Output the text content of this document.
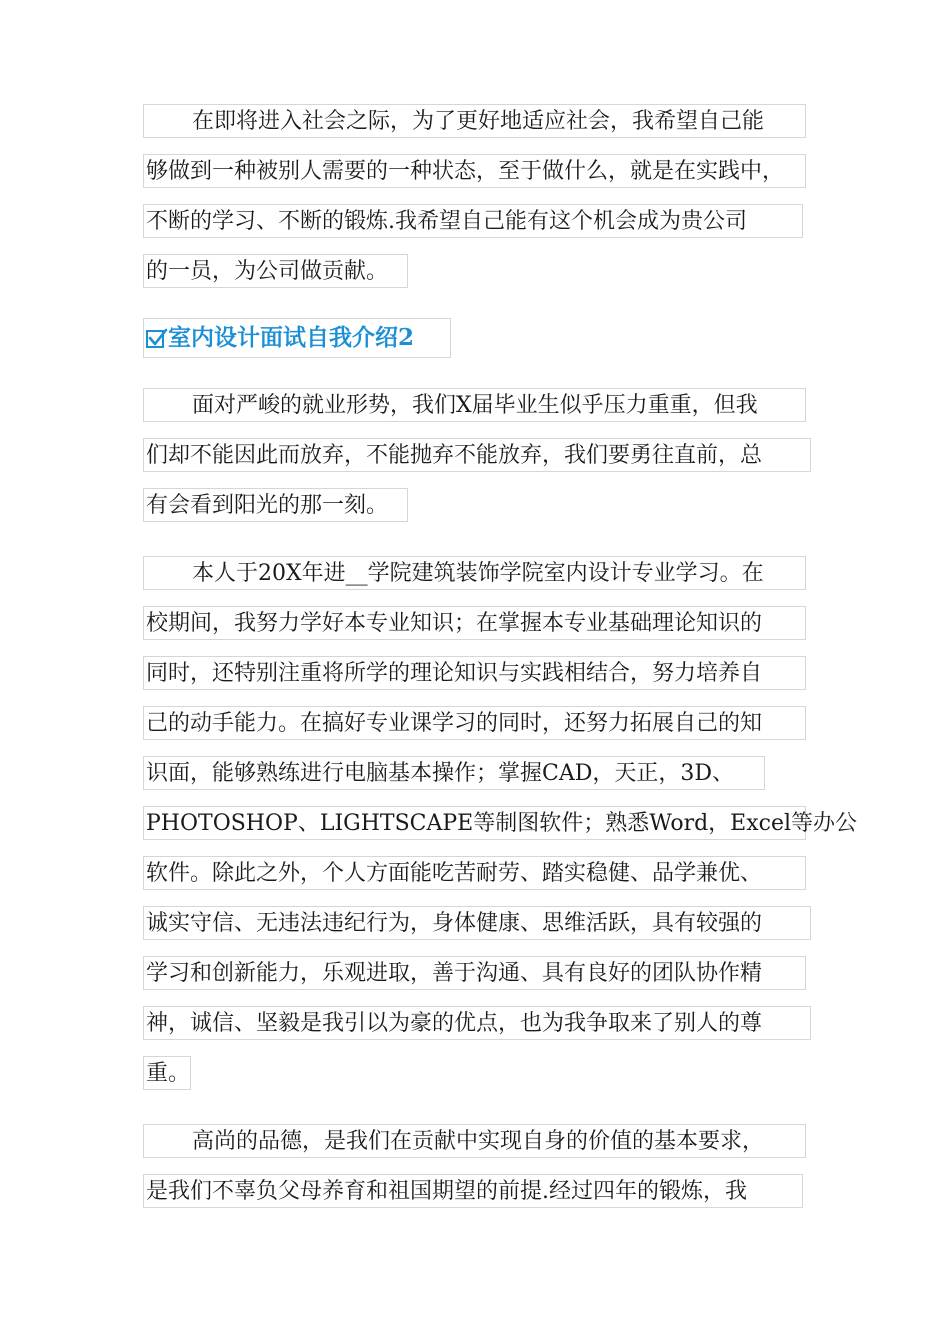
在即将进入社会之际，为了更好地适应社会，我希望自己能
够做到一种被别人需要的一种状态，至于做什么，就是在实践中，
不断的学习、不断的锻炼.我希望自己能有这个机会成为贵公司
的一员，为公司做贡献。
室内设计面试自我介绍2
面对严峻的就业形势，我们X届毕业生似乎压力重重，但我
们却不能因此而放弃，不能抛弃不能放弃，我们要勇往直前，总
有会看到阳光的那一刻。
本人于20X年进__学院建筑装饰学院室内设计专业学习。在
校期间，我努力学好本专业知识；在掌握本专业基础理论知识的
同时，还特别注重将所学的理论知识与实践相结合，努力培养自
己的动手能力。在搞好专业课学习的同时，还努力拓展自己的知
识面，能够熟练进行电脑基本操作；掌握CAD，天正，3D、
PHOTOSHOP、LIGHTSCAPE等制图软件；熟悉Word，Excel等办公
软件。除此之外，个人方面能吃苦耐劳、踏实稳健、品学兼优、
诚实守信、无违法违纪行为，身体健康、思维活跃，具有较强的
学习和创新能力，乐观进取，善于沟通、具有良好的团队协作精
神，诚信、坚毅是我引以为豪的优点，也为我争取来了别人的尊
重。
高尚的品德，是我们在贡献中实现自身的价值的基本要求，
是我们不辜负父母养育和祖国期望的前提.经过四年的锻炼，我
